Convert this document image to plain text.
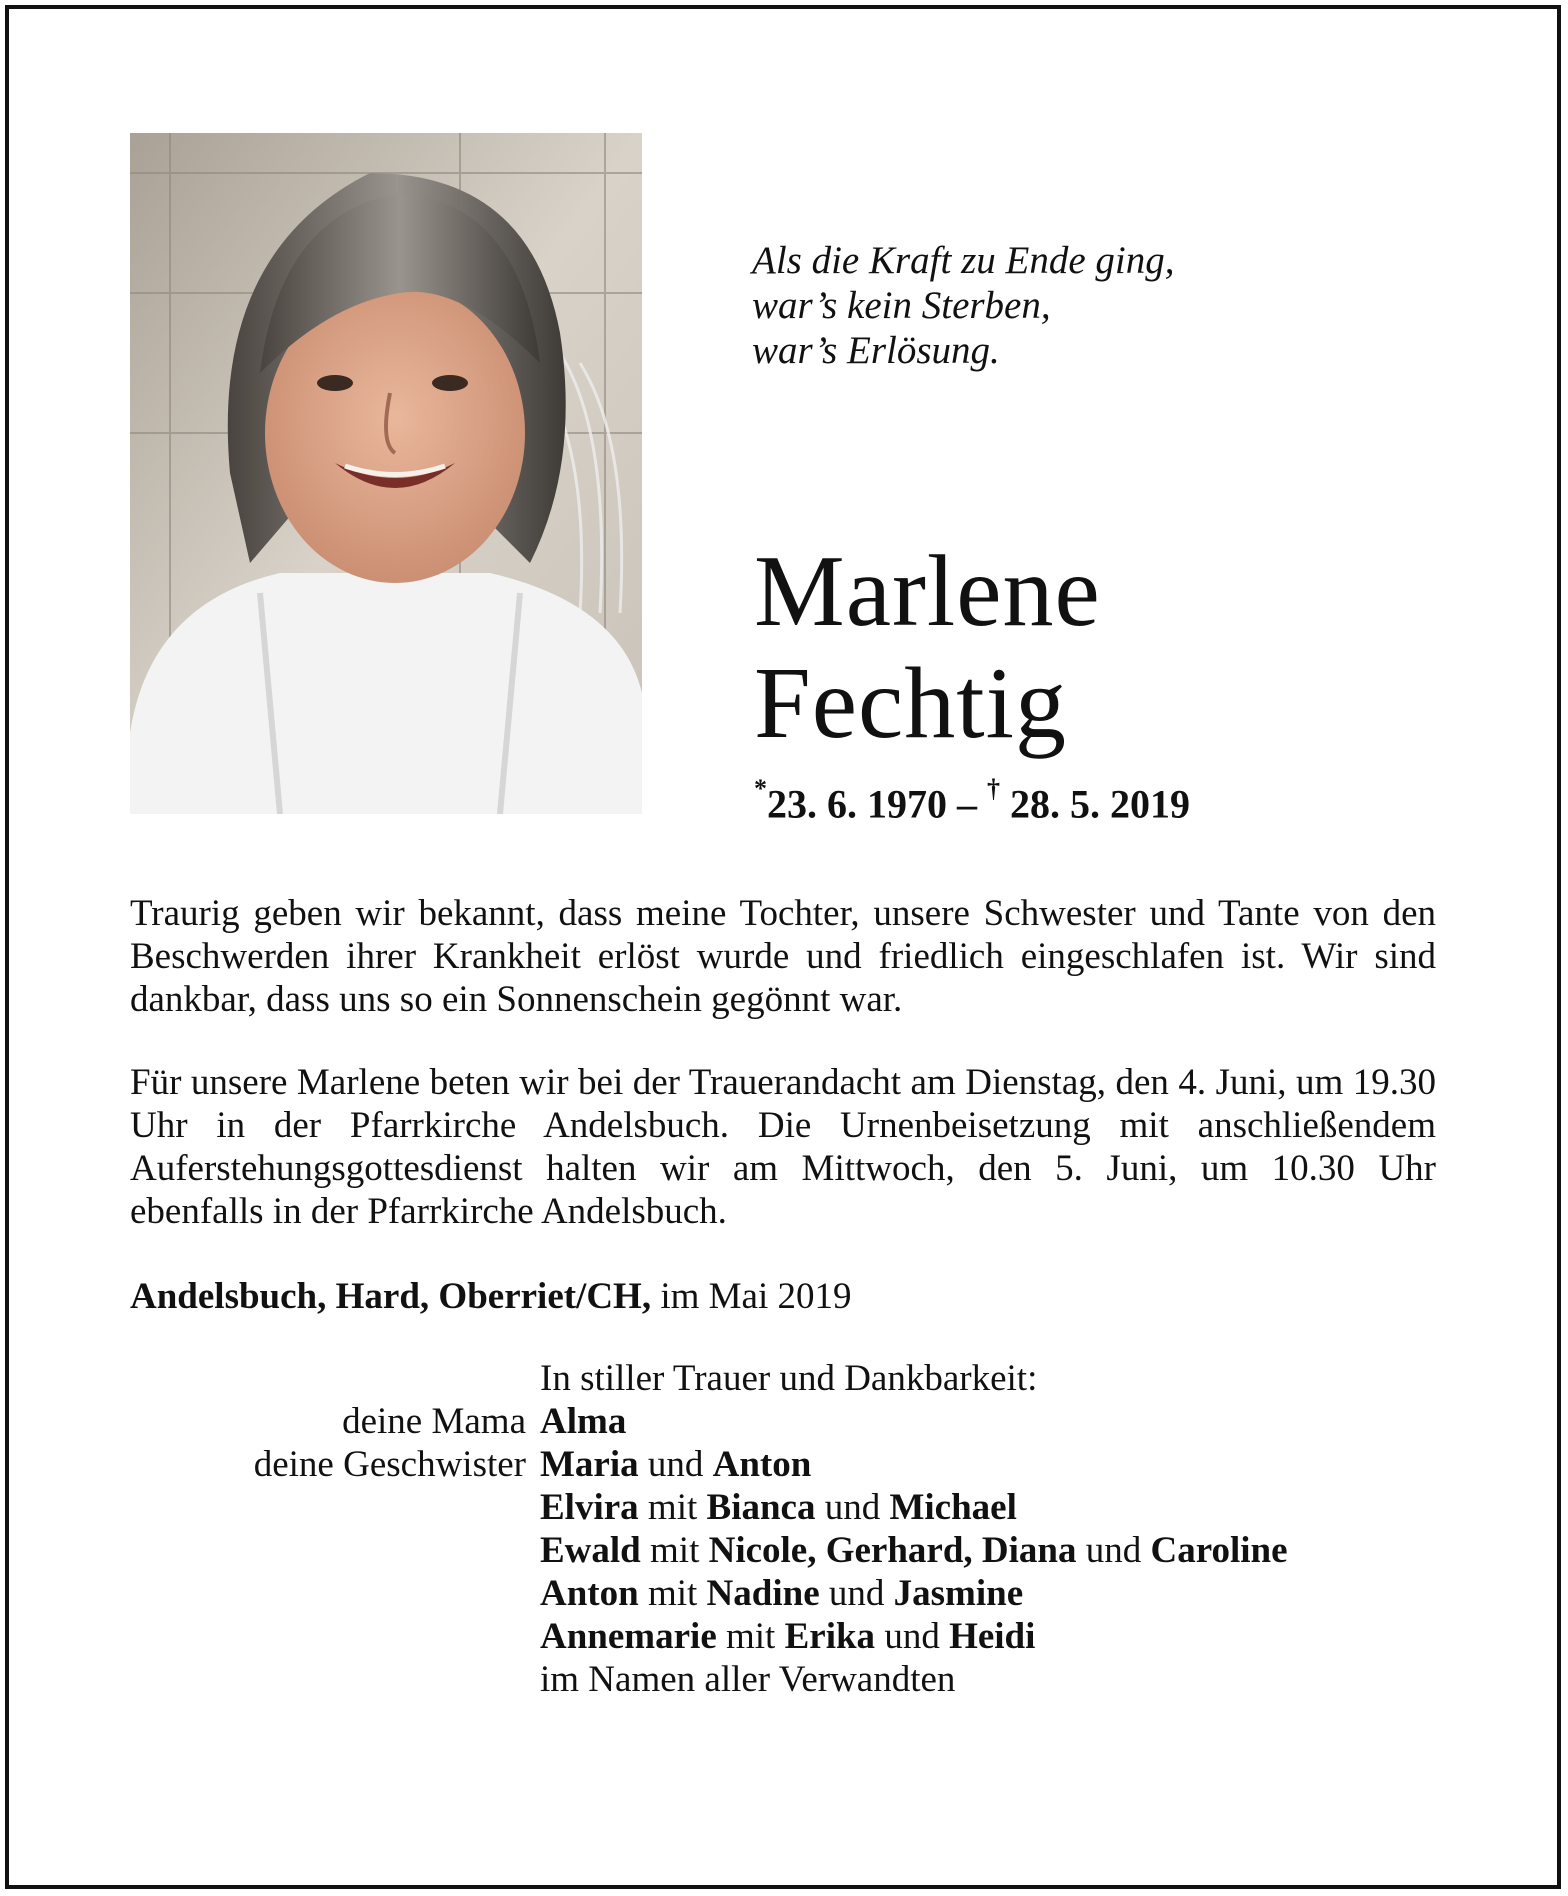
Als die Kraft zu Ende ging,
war’s kein Sterben,
war’s Erlösung.
Marlene
Fechtig
*23. 6. 1970 – † 28. 5. 2019
Traurig geben wir bekannt, dass meine Tochter, unsere Schwester und Tante von den Beschwerden ihrer Krankheit erlöst wurde und friedlich eingeschlafen ist. Wir sind dankbar, dass uns so ein Sonnenschein gegönnt war.
Für unsere Marlene beten wir bei der Trauerandacht am Dienstag, den 4. Juni, um 19.30 Uhr in der Pfarrkirche Andelsbuch. Die Urnenbeisetzung mit anschließendem Auferstehungsgottesdienst halten wir am Mittwoch, den 5. Juni, um 10.30 Uhr ebenfalls in der Pfarrkirche Andelsbuch.
Andelsbuch, Hard, Oberriet/CH, im Mai 2019
In stiller Trauer und Dankbarkeit:
deine Mama Alma
deine Geschwister Maria und Anton
Elvira mit Bianca und Michael
Ewald mit Nicole, Gerhard, Diana und Caroline
Anton mit Nadine und Jasmine
Annemarie mit Erika und Heidi
im Namen aller Verwandten
